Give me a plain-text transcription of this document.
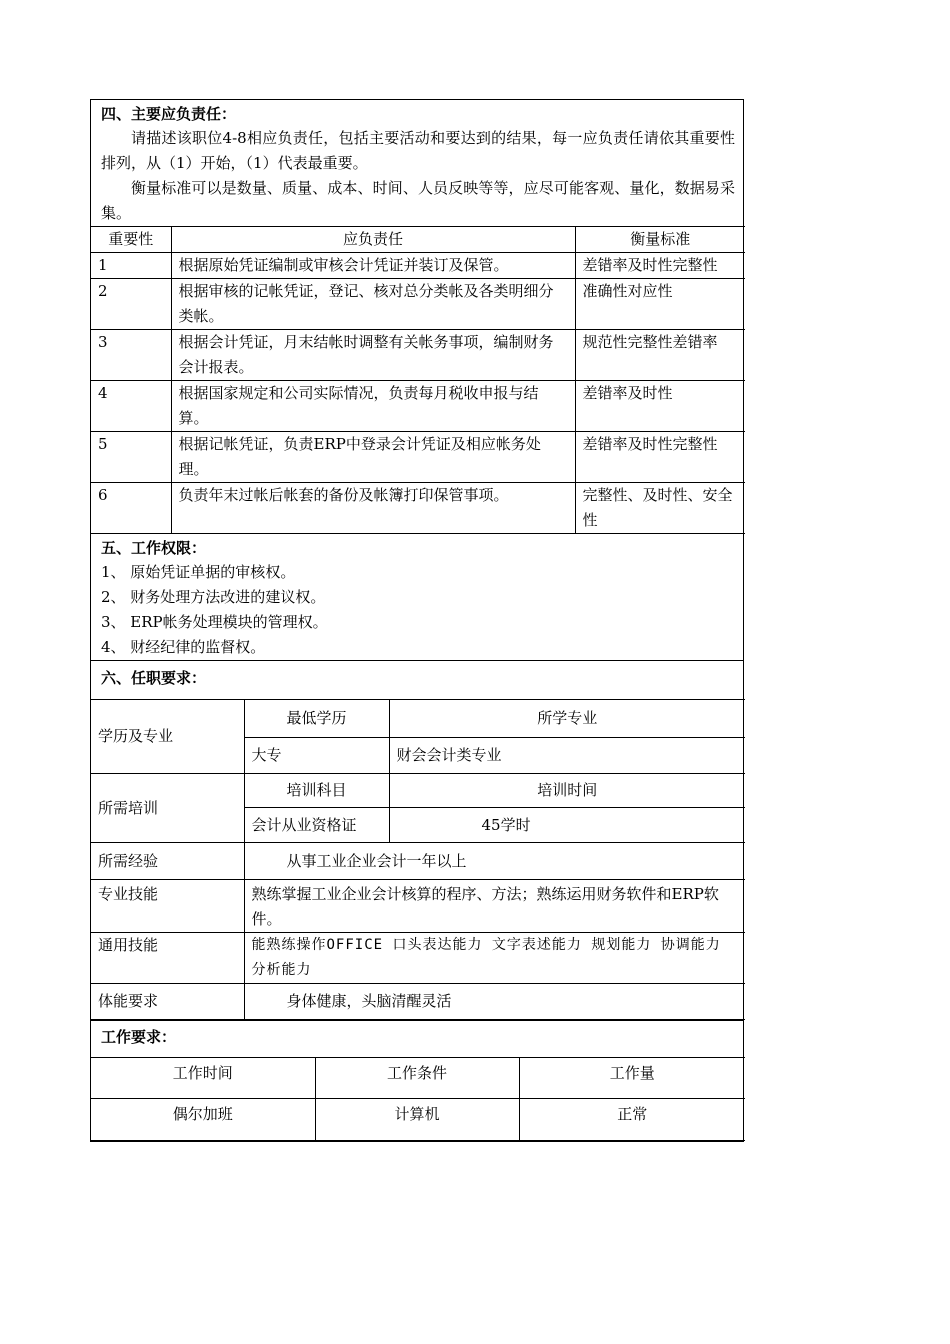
四、主要应负责任：
请描述该职位4-8相应负责任，包括主要活动和要达到的结果，每一应负责任请依其重要性排列，从（1）开始，（1）代表最重要。
衡量标准可以是数量、质量、成本、时间、人员反映等等，应尽可能客观、量化，数据易采集。
重要性	应负责任	衡量标准
1	根据原始凭证编制或审核会计凭证并装订及保管。	差错率及时性完整性
2	根据审核的记帐凭证，登记、核对总分类帐及各类明细分类帐。	准确性对应性
3	根据会计凭证，月末结帐时调整有关帐务事项，编制财务会计报表。	规范性完整性差错率
4	根据国家规定和公司实际情况，负责每月税收申报与结算。	差错率及时性
5	根据记帐凭证，负责ERP中登录会计凭证及相应帐务处理。	差错率及时性完整性
6	负责年末过帐后帐套的备份及帐簿打印保管事项。	完整性、及时性、安全性
五、工作权限：
1、 原始凭证单据的审核权。
2、 财务处理方法改进的建议权。
3、 ERP帐务处理模块的管理权。
4、 财经纪律的监督权。
六、任职要求：
学历及专业	最低学历	所学专业
	大专	财会会计类专业
所需培训	培训科目	培训时间
	会计从业资格证	45学时
所需经验	从事工业企业会计一年以上	
专业技能	熟练掌握工业企业会计核算的程序、方法；熟练运用财务软件和ERP软件。	
通用技能	能熟练操作OFFICE 口头表达能力 文字表述能力 规划能力 协调能力 分析能力	
体能要求	身体健康，头脑清醒灵活	
工作要求：
工作时间	工作条件	工作量
偶尔加班	计算机	正常
